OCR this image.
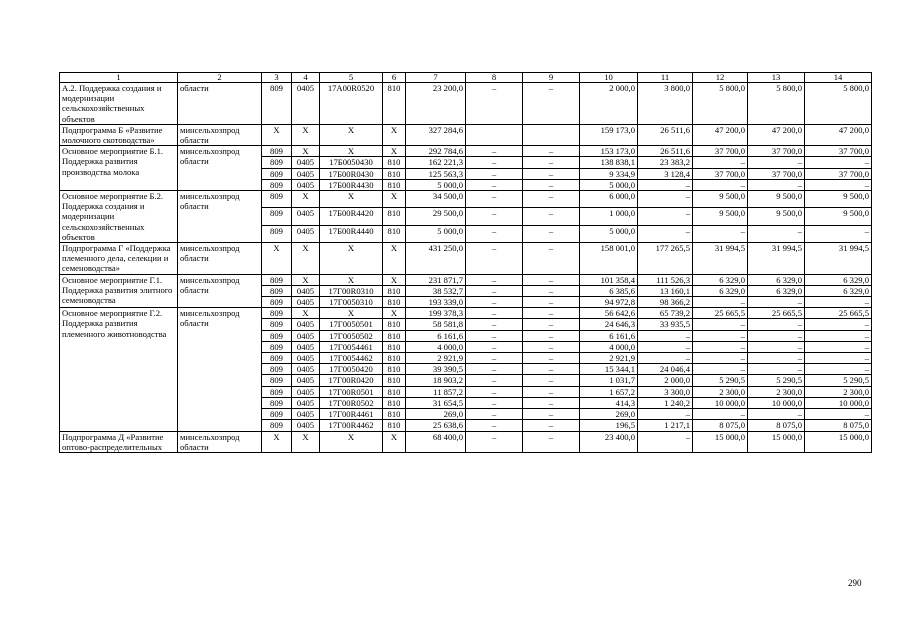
1	2	3	4	5	6	7	8	9	10	11	12	13	14
А.2. Поддержка создания и модернизации сельскохозяйственных объектов	области	809	0405	17А00R0520	810	23 200,0	–	–	2 000,0	3 800,0	5 800,0	5 800,0	5 800,0
Подпрограмма Б «Развитие молочного скотоводства»	минсельхозпрод области	Х	Х	Х	Х	327 284,6			159 173,0	26 511,6	47 200,0	47 200,0	47 200,0
Основное мероприятие Б.1. Поддержка развития производства молока	минсельхозпрод области	809	Х	Х	Х	292 784,6	–	–	153 173,0	26 511,6	37 700,0	37 700,0	37 700,0
		809	0405	17Б0050430	810	162 221,3	–	–	138 838,1	23 383,2	–	–	–
		809	0405	17Б00R0430	810	125 563,3	–	–	9 334,9	3 128,4	37 700,0	37 700,0	37 700,0
		809	0405	17Б00R4430	810	5 000,0	–	–	5 000,0	–	–	–	–
Основное мероприятие Б.2. Поддержка создания и модернизации сельскохозяйственных объектов	минсельхозпрод области	809	Х	Х	Х	34 500,0	–	–	6 000,0	–	9 500,0	9 500,0	9 500,0
		809	0405	17Б00R4420	810	29 500,0	–	–	1 000,0	–	9 500,0	9 500,0	9 500,0
		809	0405	17Б00R4440	810	5 000,0	–	–	5 000,0	–	–	–	–
Подпрограмма Г «Поддержка племенного дела, селекции и семеноводства»	минсельхозпрод области	Х	Х	Х	Х	431 250,0	–	–	158 001,0	177 265,5	31 994,5	31 994,5	31 994,5
Основное мероприятие Г.1. Поддержка развития элитного семеноводства	минсельхозпрод области	809	Х	Х	Х	231 871,7	–	–	101 358,4	111 526,3	6 329,0	6 329,0	6 329,0
		809	0405	17Г00R0310	810	38 532,7	–	–	6 385,6	13 160,1	6 329,0	6 329,0	6 329,0
		809	0405	17Г0050310	810	193 339,0	–	–	94 972,8	98 366,2	–	–	–
Основное мероприятие Г.2. Поддержка развития племенного животноводства	минсельхозпрод области	809	Х	Х	Х	199 378,3	–	–	56 642,6	65 739,2	25 665,5	25 665,5	25 665,5
		809	0405	17Г0050501	810	58 581,8	–	–	24 646,3	33 935,5	–	–	–
		809	0405	17Г0050502	810	6 161,6	–	–	6 161,6	–	–	–	–
		809	0405	17Г0054461	810	4 000,0	–	–	4 000,0	–	–	–	–
		809	0405	17Г0054462	810	2 921,9	–	–	2 921,9	–	–	–	–
		809	0405	17Г0050420	810	39 390,5	–	–	15 344,1	24 046,4	–	–	–
		809	0405	17Г00R0420	810	18 903,2	–	–	1 031,7	2 000,0	5 290,5	5 290,5	5 290,5
		809	0405	17Г00R0501	810	11 857,2	–	–	1 657,2	3 300,0	2 300,0	2 300,0	2 300,0
		809	0405	17Г00R0502	810	31 654,5	–	–	414,3	1 240,2	10 000,0	10 000,0	10 000,0
		809	0405	17Г00R4461	810	269,0	–	–	269,0	–	–	–	–
		809	0405	17Г00R4462	810	25 638,6	–	–	196,5	1 217,1	8 075,0	8 075,0	8 075,0
Подпрограмма Д «Развитие оптово-распределительных	минсельхозпрод области	Х	Х	Х	Х	68 400,0	–	–	23 400,0	–	15 000,0	15 000,0	15 000,0
290
